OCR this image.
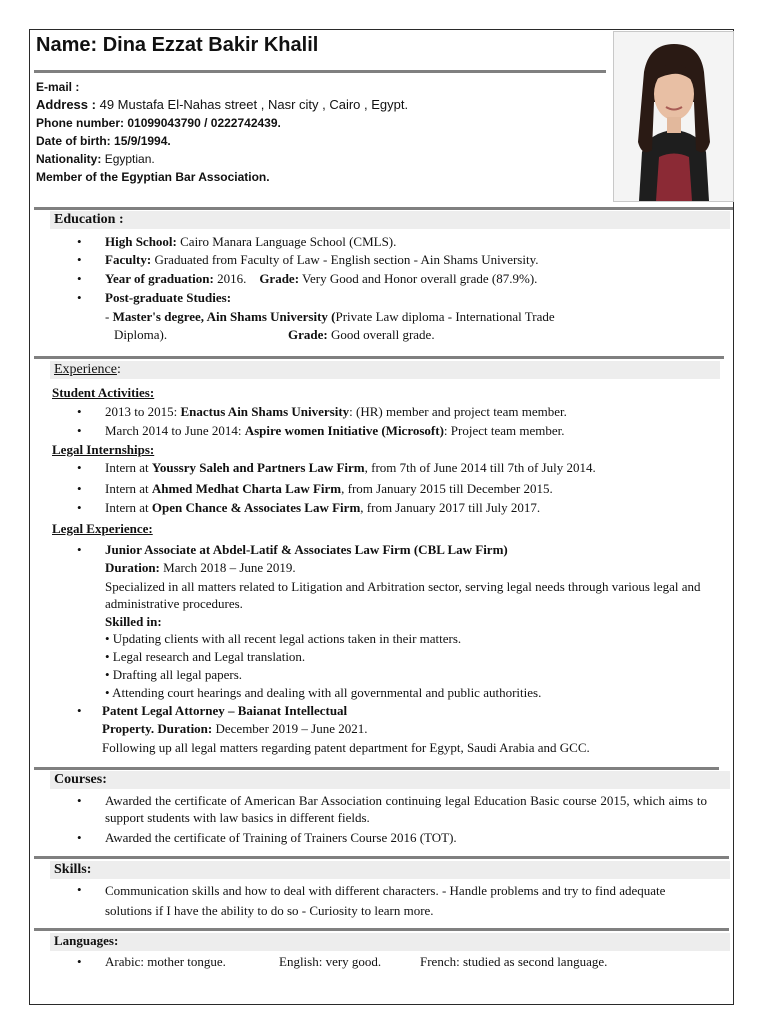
Name: Dina Ezzat Bakir Khalil
E-mail :
Address : 49 Mustafa El-Nahas street , Nasr city , Cairo , Egypt.
Phone number: 01099043790 / 0222742439.
Date of birth: 15/9/1994.
Nationality: Egyptian.
Member of the Egyptian Bar Association.
Education :
• High School: Cairo Manara Language School (CMLS).
• Faculty: Graduated from Faculty of Law - English section - Ain Shams University.
• Year of graduation: 2016. Grade: Very Good and Honor overall grade (87.9%).
• Post-graduate Studies:
- Master's degree, Ain Shams University (Private Law diploma - International Trade
Diploma).	Grade: Good overall grade.
Experience:
Student Activities:
• 2013 to 2015: Enactus Ain Shams University: (HR) member and project team member.
• March 2014 to June 2014: Aspire women Initiative (Microsoft): Project team member.
Legal Internships:
• Intern at Youssry Saleh and Partners Law Firm, from 7th of June 2014 till 7th of July 2014.
• Intern at Ahmed Medhat Charta Law Firm, from January 2015 till December 2015.
• Intern at Open Chance & Associates Law Firm, from January 2017 till July 2017.
Legal Experience:
• Junior Associate at Abdel-Latif & Associates Law Firm (CBL Law Firm)
Duration: March 2018 – June 2019.
Specialized in all matters related to Litigation and Arbitration sector, serving legal needs through various legal and administrative procedures.
Skilled in:
• Updating clients with all recent legal actions taken in their matters.
• Legal research and Legal translation.
• Drafting all legal papers.
• Attending court hearings and dealing with all governmental and public authorities.
• Patent Legal Attorney – Baianat Intellectual
Property. Duration: December 2019 – June 2021.
Following up all legal matters regarding patent department for Egypt, Saudi Arabia and GCC.
Courses:
• Awarded the certificate of American Bar Association continuing legal Education Basic course 2015, which aims to support students with law basics in different fields.
• Awarded the certificate of Training of Trainers Course 2016 (TOT).
Skills:
• Communication skills and how to deal with different characters. - Handle problems and try to find adequate solutions if I have the ability to do so - Curiosity to learn more.
Languages:
• Arabic: mother tongue.	English: very good.	French: studied as second language.
